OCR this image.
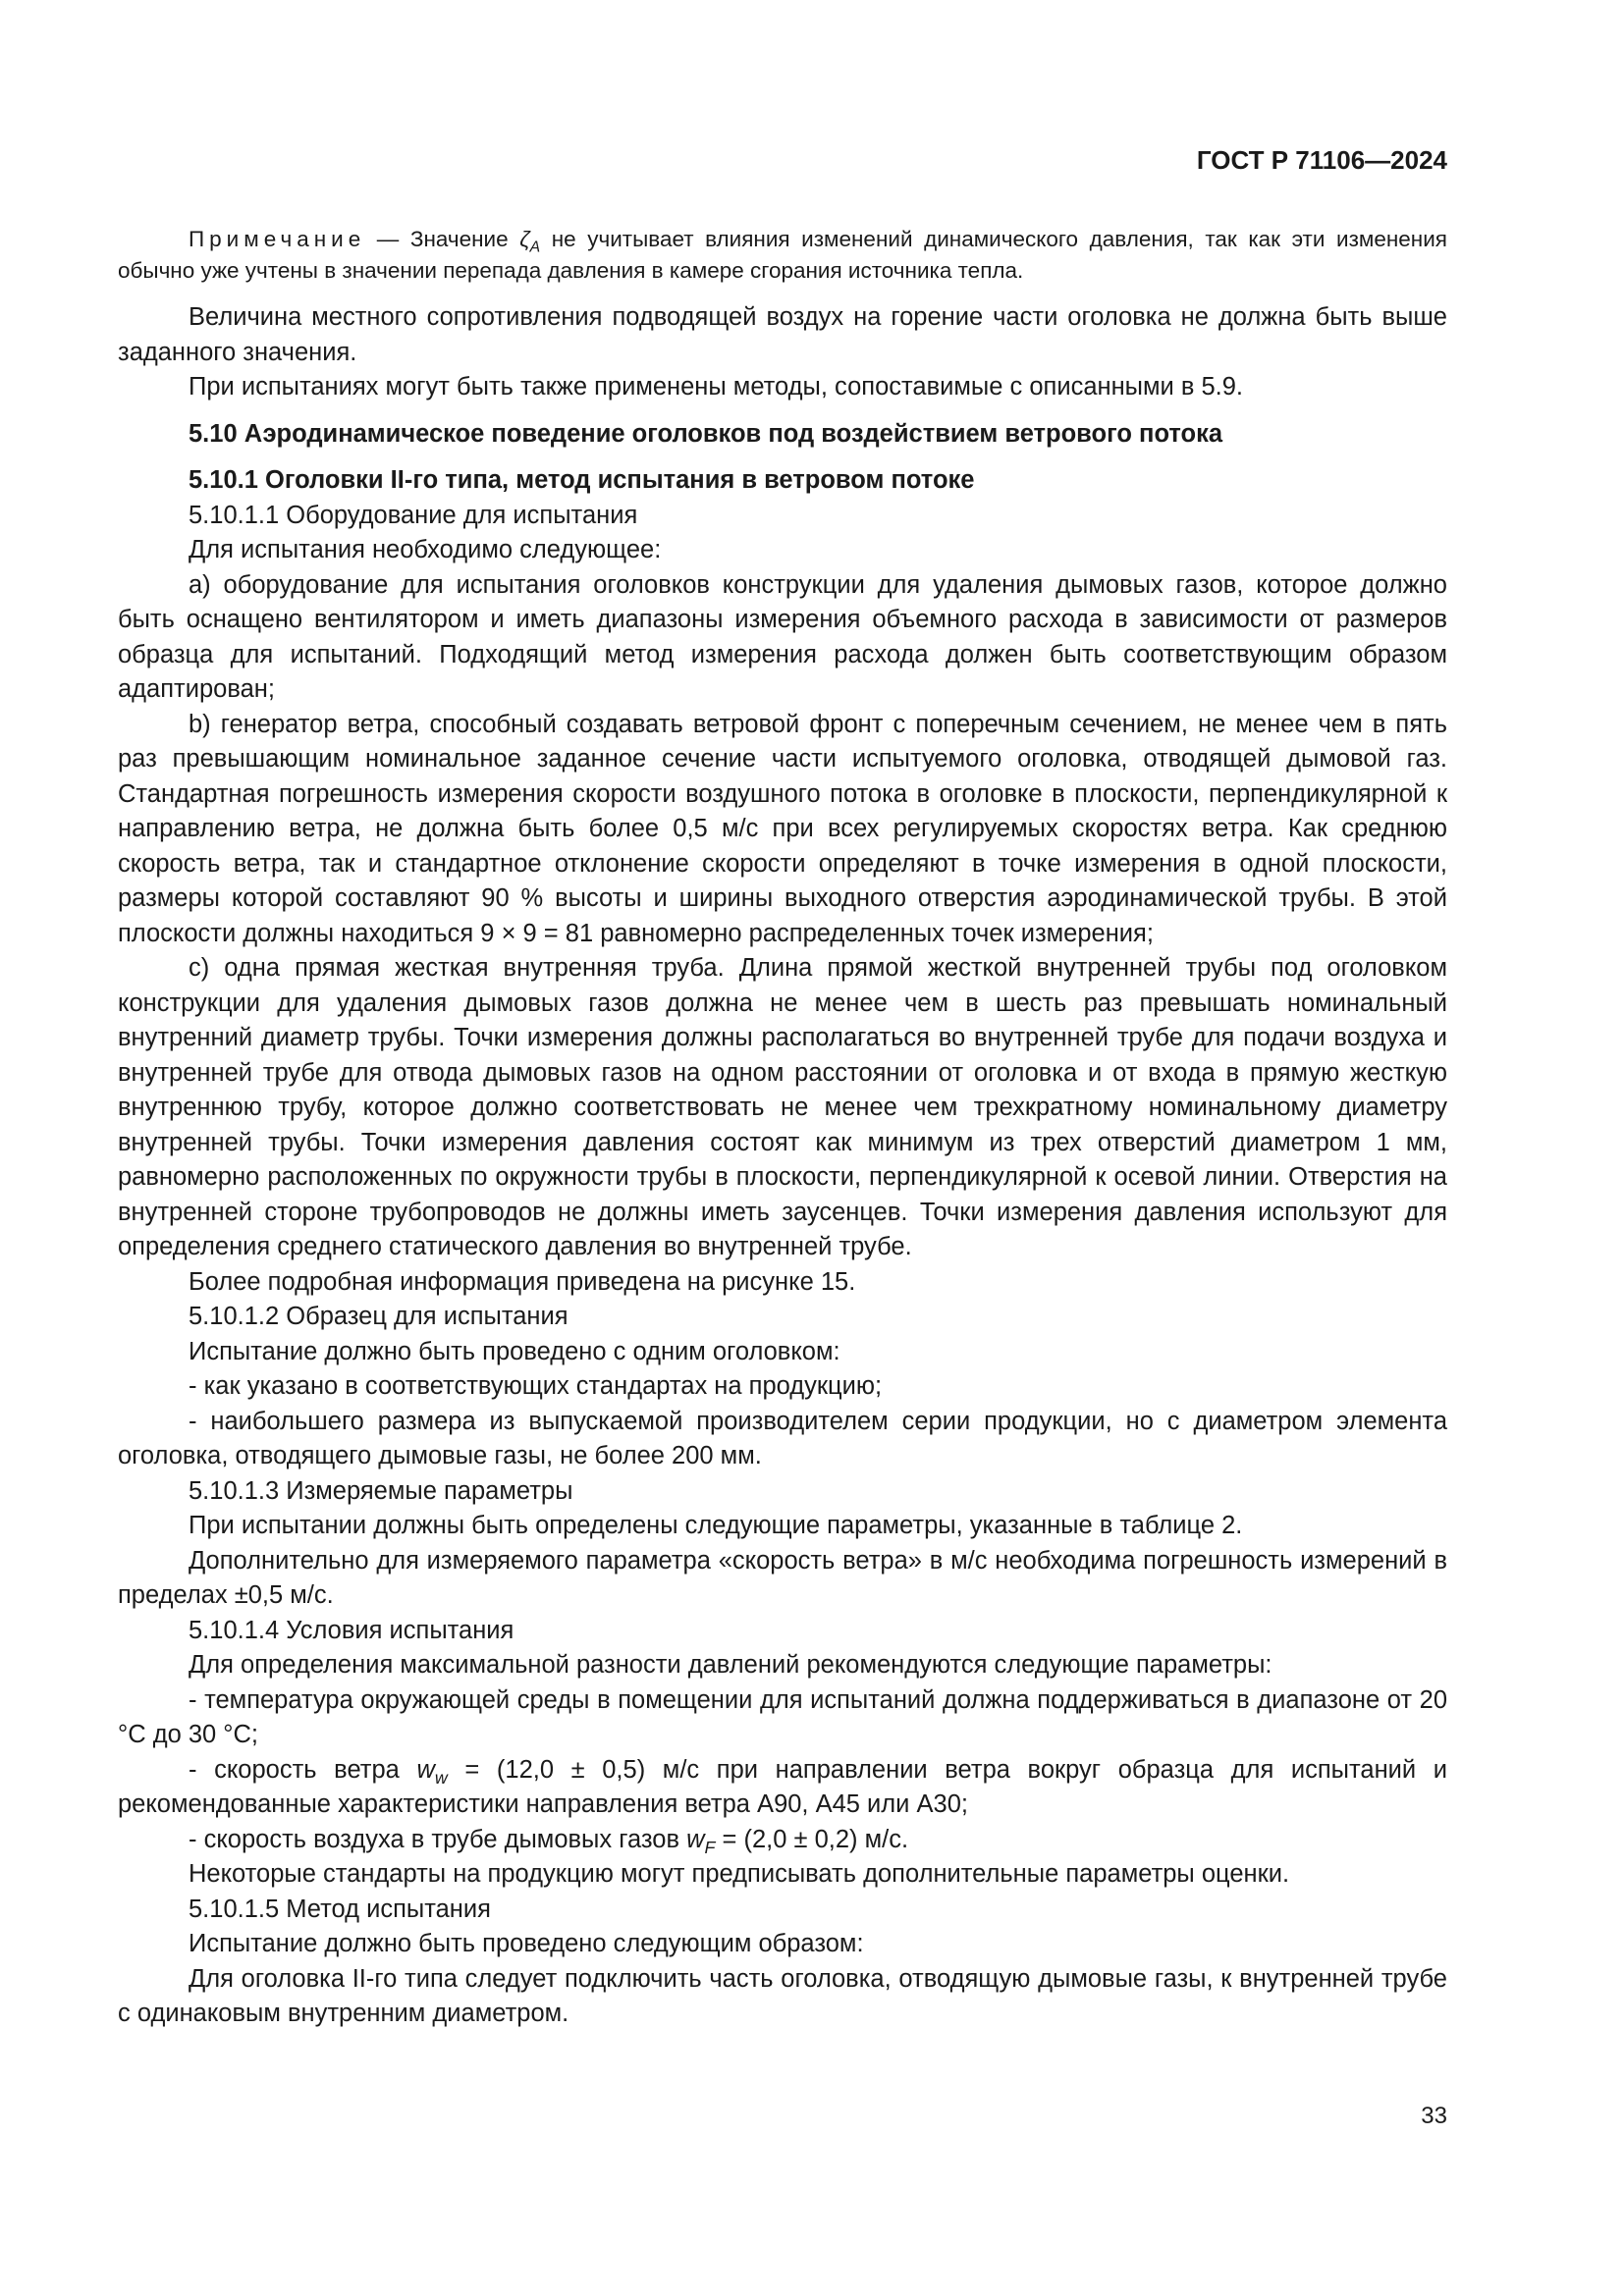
ГОСТ Р 71106—2024

Примечание — Значение $\zeta_A$ не учитывает влияния изменений динамического давления, так как эти изменения обычно уже учтены в значении перепада давления в камере сгорания источника тепла.

Величина местного сопротивления подводящей воздух на горение части оголовка не должна быть выше заданного значения.

При испытаниях могут быть также применены методы, сопоставимые с описанными в 5.9.

5.10 Аэродинамическое поведение оголовков под воздействием ветрового потока

5.10.1 Оголовки II-го типа, метод испытания в ветровом потоке

5.10.1.1 Оборудование для испытания

Для испытания необходимо следующее:

а) оборудование для испытания оголовков конструкции для удаления дымовых газов, которое должно быть оснащено вентилятором и иметь диапазоны измерения объемного расхода в зависимости от размеров образца для испытаний. Подходящий метод измерения расхода должен быть соответствующим образом адаптирован;

b) генератор ветра, способный создавать ветровой фронт с поперечным сечением, не менее чем в пять раз превышающим номинальное заданное сечение части испытуемого оголовка, отводящей дымовой газ. Стандартная погрешность измерения скорости воздушного потока в оголовке в плоскости, перпендикулярной к направлению ветра, не должна быть более 0,5 м/с при всех регулируемых скоростях ветра. Как среднюю скорость ветра, так и стандартное отклонение скорости определяют в точке измерения в одной плоскости, размеры которой составляют 90 % высоты и ширины выходного отверстия аэродинамической трубы. В этой плоскости должны находиться 9 × 9 = 81 равномерно распределенных точек измерения;

с) одна прямая жесткая внутренняя труба. Длина прямой жесткой внутренней трубы под оголовком конструкции для удаления дымовых газов должна не менее чем в шесть раз превышать номинальный внутренний диаметр трубы. Точки измерения должны располагаться во внутренней трубе для подачи воздуха и внутренней трубе для отвода дымовых газов на одном расстоянии от оголовка и от входа в прямую жесткую внутреннюю трубу, которое должно соответствовать не менее чем трехкратному номинальному диаметру внутренней трубы. Точки измерения давления состоят как минимум из трех отверстий диаметром 1 мм, равномерно расположенных по окружности трубы в плоскости, перпендикулярной к осевой линии. Отверстия на внутренней стороне трубопроводов не должны иметь заусенцев. Точки измерения давления используют для определения среднего статического давления во внутренней трубе.

Более подробная информация приведена на рисунке 15.

5.10.1.2 Образец для испытания

Испытание должно быть проведено с одним оголовком:

- как указано в соответствующих стандартах на продукцию;

- наибольшего размера из выпускаемой производителем серии продукции, но с диаметром элемента оголовка, отводящего дымовые газы, не более 200 мм.

5.10.1.3 Измеряемые параметры

При испытании должны быть определены следующие параметры, указанные в таблице 2.

Дополнительно для измеряемого параметра «скорость ветра» в м/с необходима погрешность измерений в пределах ±0,5 м/с.

5.10.1.4 Условия испытания

Для определения максимальной разности давлений рекомендуются следующие параметры:

- температура окружающей среды в помещении для испытаний должна поддерживаться в диапазоне от 20 °С до 30 °С;

- скорость ветра $w_w = (12,0 \pm 0,5)$ м/с при направлении ветра вокруг образца для испытаний и рекомендованные характеристики направления ветра А90, А45 или А30;

- скорость воздуха в трубе дымовых газов $w_F = (2,0 \pm 0,2)$ м/с.

Некоторые стандарты на продукцию могут предписывать дополнительные параметры оценки.

5.10.1.5 Метод испытания

Испытание должно быть проведено следующим образом:

Для оголовка II-го типа следует подключить часть оголовка, отводящую дымовые газы, к внутренней трубе с одинаковым внутренним диаметром.

33
